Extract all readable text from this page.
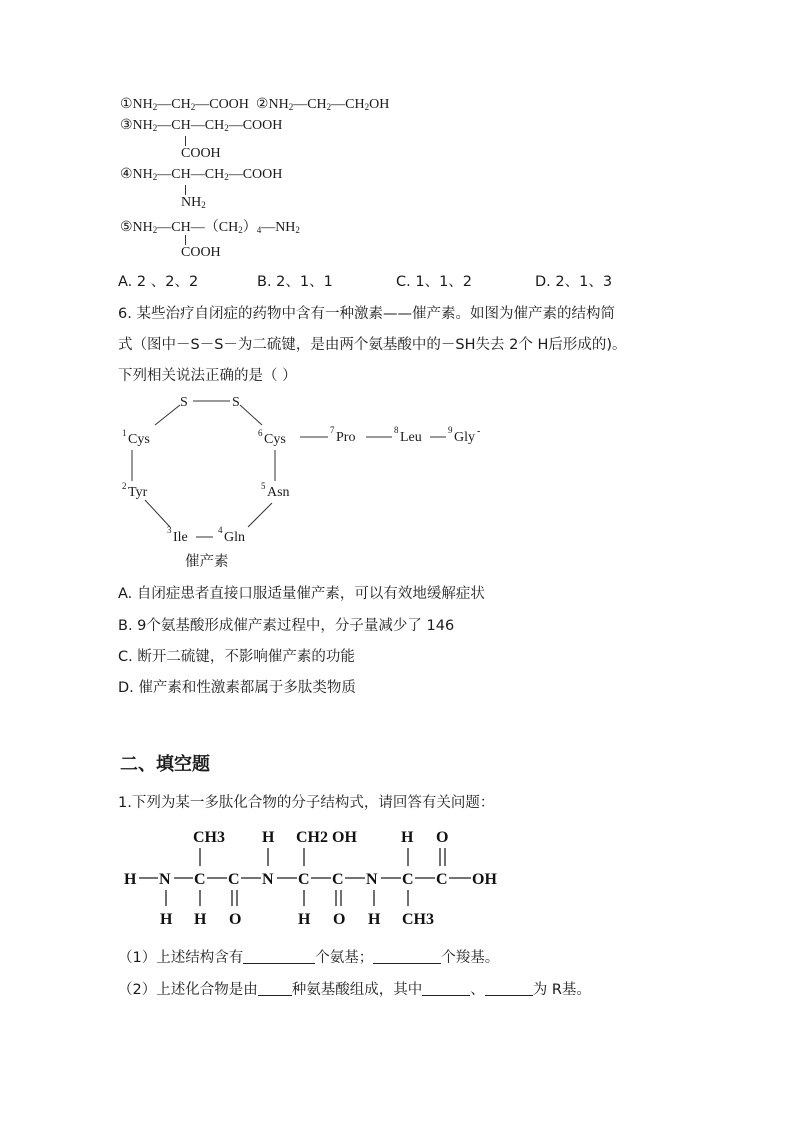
$①NH_2—CH_2—COOH$  $②NH_2—CH_2—CH_2OH$
$③NH_2—CH—CH_2—COOH$
COOH
$④NH_2—CH—CH_2—COOH$
$NH_2$
$⑤NH_2—CH—(CH_2)_4—NH_2$
COOH
A. 2 、2、2	B. 2、1、1	C. 1、1、2	D. 2、1、3
6. 某些治疗自闭症的药物中含有一种激素——催产素。如图为催产素的结构简
式（图中－S－S－为二硫键，是由两个氨基酸中的－SH失去 2个 H后形成的)。
下列相关说法正确的是（ ）
S	S
1 Cys
2 Tyr
3 Ile	4 Gln
5 Asn
6 Cys
7 Pro	8 Leu	9 Gly -
催产素
A. 自闭症患者直接口服适量催产素，可以有效地缓解症状
B. 9个氨基酸形成催产素过程中，分子量减少了 146
C. 断开二硫键，不影响催产素的功能
D. 催产素和性激素都属于多肽类物质
二、填空题
1.下列为某一多肽化合物的分子结构式，请回答有关问题：
CH3 H CH2 OH	H O
H N C C N C C N C C OH
H H O	H O H CH3
（1）上述结构含有	个氨基；	个羧基。
（2）上述化合物是由 种氨基酸组成，其中	、	为 R基。
